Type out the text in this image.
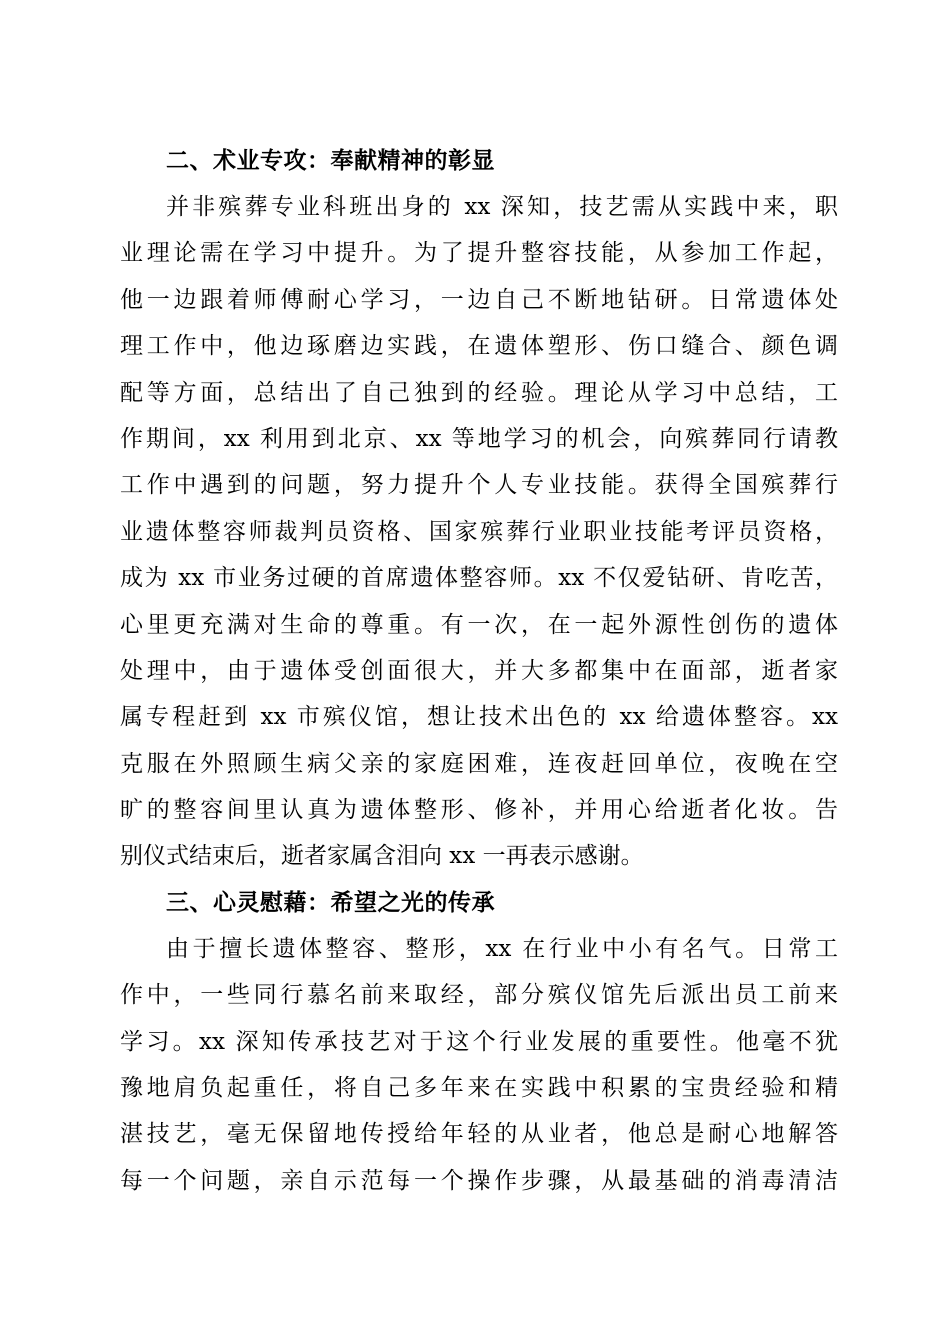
二、术业专攻：奉献精神的彰显
并非殡葬专业科班出身的 xx 深知，技艺需从实践中来，职
业理论需在学习中提升。为了提升整容技能，从参加工作起，
他一边跟着师傅耐心学习，一边自己不断地钻研。日常遗体处
理工作中，他边琢磨边实践，在遗体塑形、伤口缝合、颜色调
配等方面，总结出了自己独到的经验。理论从学习中总结，工
作期间，xx 利用到北京、xx 等地学习的机会，向殡葬同行请教
工作中遇到的问题，努力提升个人专业技能。获得全国殡葬行
业遗体整容师裁判员资格、国家殡葬行业职业技能考评员资格，
成为 xx 市业务过硬的首席遗体整容师。xx 不仅爱钻研、肯吃苦，
心里更充满对生命的尊重。有一次，在一起外源性创伤的遗体
处理中，由于遗体受创面很大，并大多都集中在面部，逝者家
属专程赶到 xx 市殡仪馆，想让技术出色的 xx 给遗体整容。xx
克服在外照顾生病父亲的家庭困难，连夜赶回单位，夜晚在空
旷的整容间里认真为遗体整形、修补，并用心给逝者化妆。告
别仪式结束后，逝者家属含泪向 xx 一再表示感谢。
三、心灵慰藉：希望之光的传承
由于擅长遗体整容、整形，xx 在行业中小有名气。日常工
作中，一些同行慕名前来取经，部分殡仪馆先后派出员工前来
学习。xx 深知传承技艺对于这个行业发展的重要性。他毫不犹
豫地肩负起重任，将自己多年来在实践中积累的宝贵经验和精
湛技艺，毫无保留地传授给年轻的从业者，他总是耐心地解答
每一个问题，亲自示范每一个操作步骤，从最基础的消毒清洁
